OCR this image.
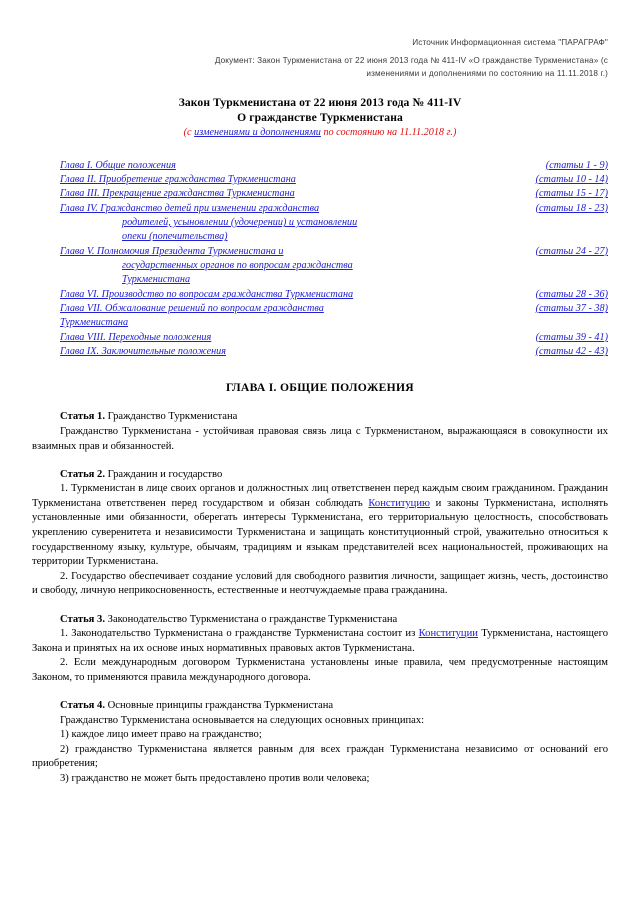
Источник Информационная система "ПАРАГРАФ"
Документ: Закон Туркменистана от 22 июня 2013 года № 411-IV «О гражданстве Туркменистана» (с
изменениями и дополнениями по состоянию на 11.11.2018 г.)
Закон Туркменистана от 22 июня 2013 года № 411-IV
О гражданстве Туркменистана
(с изменениями и дополнениями по состоянию на 11.11.2018 г.)
Глава I. Общие положения	(статьи 1 - 9)
Глава II. Приобретение гражданства Туркменистана	(статьи 10 - 14)
Глава III. Прекращение гражданства Туркменистана	(статьи 15 - 17)
Глава IV. Гражданство детей при изменении гражданства	(статьи 18 - 23)
родителей, усыновлении (удочерении) и установлении
опеки (попечительства)
Глава V. Полномочия Президента Туркменистана и	(статьи 24 - 27)
государственных органов по вопросам гражданства
Туркменистана
Глава VI. Производство по вопросам гражданства Туркменистана	(статьи 28 - 36)
Глава VII. Обжалование решений по вопросам гражданства	(статьи 37 - 38)
Туркменистана
Глава VIII. Переходные положения	(статьи 39 - 41)
Глава IX. Заключительные положения	(статьи 42 - 43)
ГЛАВА I. ОБЩИЕ ПОЛОЖЕНИЯ

Статья 1. Гражданство Туркменистана

Гражданство Туркменистана - устойчивая правовая связь лица с Туркменистаном, выражающаяся в совокупности их взаимных прав и обязанностей.

Статья 2. Гражданин и государство

1. Туркменистан в лице своих органов и должностных лиц ответственен перед каждым своим гражданином. Гражданин Туркменистана ответственен перед государством и обязан соблюдать Конституцию и законы Туркменистана, исполнять установленные ими обязанности, оберегать интересы Туркменистана, его территориальную целостность, способствовать укреплению суверенитета и независимости Туркменистана и защищать конституционный строй, уважительно относиться к государственному языку, культуре, обычаям, традициям и языкам представителей всех национальностей, проживающих на территории Туркменистана.

2. Государство обеспечивает создание условий для свободного развития личности, защищает жизнь, честь, достоинство и свободу, личную неприкосновенность, естественные и неотчуждаемые права гражданина.

Статья 3. Законодательство Туркменистана о гражданстве Туркменистана

1. Законодательство Туркменистана о гражданстве Туркменистана состоит из Конституции Туркменистана, настоящего Закона и принятых на их основе иных нормативных правовых актов Туркменистана.

2. Если международным договором Туркменистана установлены иные правила, чем предусмотренные настоящим Законом, то применяются правила международного договора.

Статья 4. Основные принципы гражданства Туркменистана

Гражданство Туркменистана основывается на следующих основных принципах:

1) каждое лицо имеет право на гражданство;

2) гражданство Туркменистана является равным для всех граждан Туркменистана независимо от оснований его приобретения;

3) гражданство не может быть предоставлено против воли человека;
